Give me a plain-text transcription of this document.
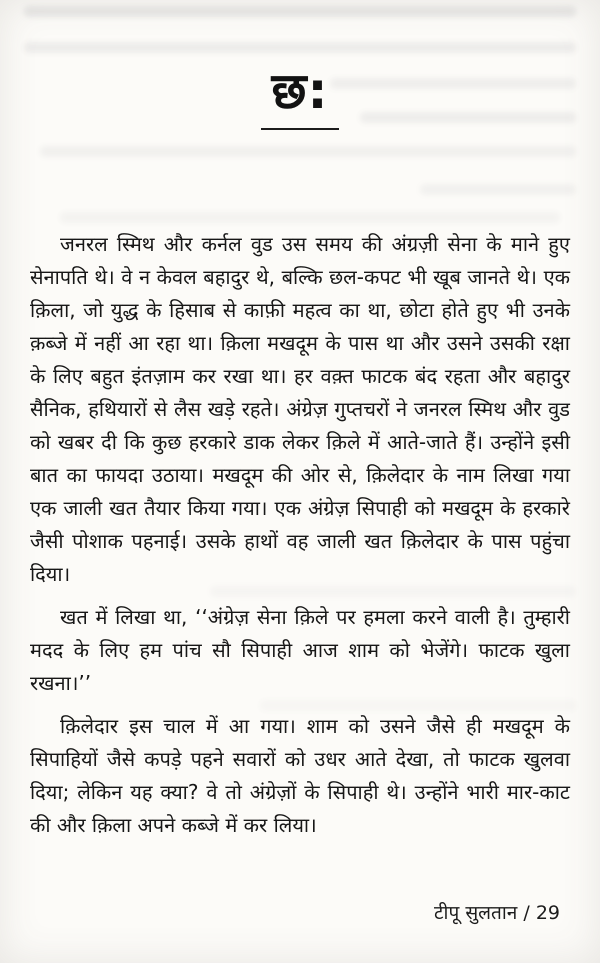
छ:

जनरल स्मिथ और कर्नल वुड उस समय की अंग्रज़ी सेना के माने हुए सेनापति थे। वे न केवल बहादुर थे, बल्कि छल-कपट भी खूब जानते थे। एक क़िला, जो युद्ध के हिसाब से काफ़ी महत्व का था, छोटा होते हुए भी उनके क़ब्जे में नहीं आ रहा था। क़िला मखदूम के पास था और उसने उसकी रक्षा के लिए बहुत इंतज़ाम कर रखा था। हर वक़्त फाटक बंद रहता और बहादुर सैनिक, हथियारों से लैस खड़े रहते। अंग्रेज़ गुप्तचरों ने जनरल स्मिथ और वुड को खबर दी कि कुछ हरकारे डाक लेकर क़िले में आते-जाते हैं। उन्होंने इसी बात का फायदा उठाया। मखदूम की ओर से, क़िलेदार के नाम लिखा गया एक जाली खत तैयार किया गया। एक अंग्रेज़ सिपाही को मखदूम के हरकारे जैसी पोशाक पहनाई। उसके हाथों वह जाली खत क़िलेदार के पास पहुंचा दिया।

खत में लिखा था, ‘‘अंग्रेज़ सेना क़िले पर हमला करने वाली है। तुम्हारी मदद के लिए हम पांच सौ सिपाही आज शाम को भेजेंगे। फाटक खुला रखना।’’

क़िलेदार इस चाल में आ गया। शाम को उसने जैसे ही मखदूम के सिपाहियों जैसे कपड़े पहने सवारों को उधर आते देखा, तो फाटक खुलवा दिया; लेकिन यह क्या? वे तो अंग्रेज़ों के सिपाही थे। उन्होंने भारी मार-काट की और क़िला अपने कब्जे में कर लिया।

टीपू सुलतान / 29
